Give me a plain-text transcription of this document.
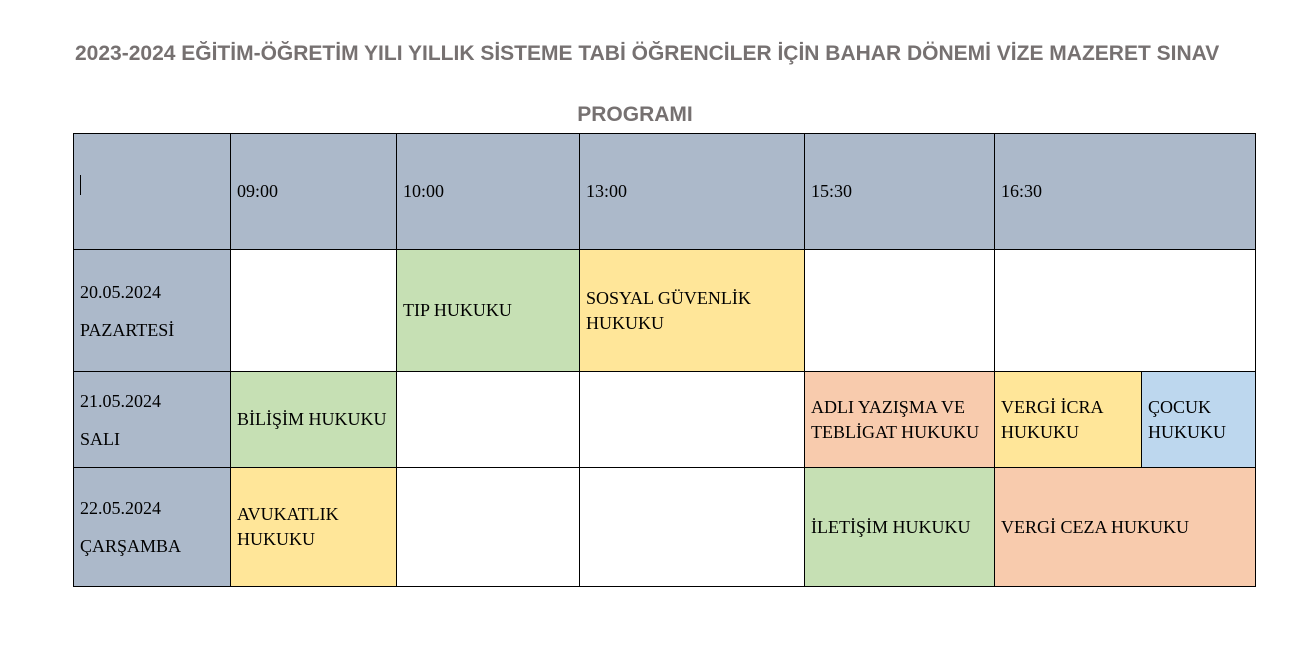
2023-2024 EĞİTİM-ÖĞRETİM YILI YILLIK SİSTEME TABİ ÖĞRENCİLER İÇİN BAHAR DÖNEMİ VİZE MAZERET SINAV
PROGRAMI
	09:00	10:00	13:00	15:30	16:30	

20.05.2024
PAZARTESİ		TIP HUKUKU	SOSYAL GÜVENLİK HUKUKU			

21.05.2024
SALI	BİLİŞİM HUKUKU			ADLI YAZIŞMA VE TEBLİGAT HUKUKU	VERGİ İCRA HUKUKU	ÇOCUK HUKUKU

22.05.2024
ÇARŞAMBA	AVUKATLIK HUKUKU			İLETİŞİM HUKUKU	VERGİ CEZA HUKUKU	
